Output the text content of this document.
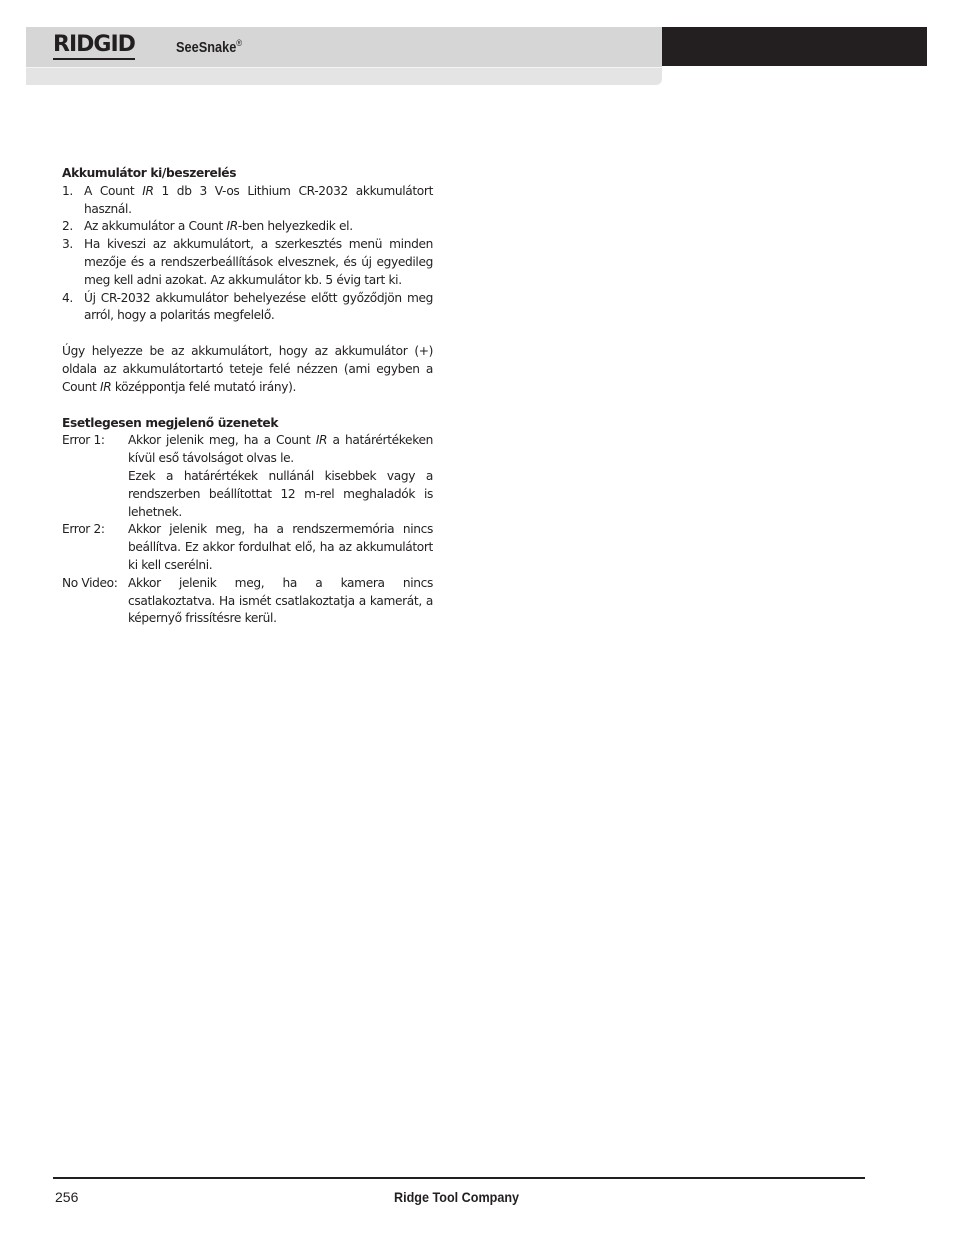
RIDGID	SeeSnake®
Akkumulátor ki/beszerelés
1. A Count IR 1 db 3 V-os Lithium CR-2032 akkumulátort használ.
2. Az akkumulátor a Count IR-ben helyezkedik el.
3. Ha kiveszi az akkumulátort, a szerkesztés menü minden mezője és a rendszerbeállítások elvesznek, és új egyedileg meg kell adni azokat. Az akkumulátor kb. 5 évig tart ki.
4. Új CR-2032 akkumulátor behelyezése előtt győződjön meg arról, hogy a polaritás megfelelő.

Úgy helyezze be az akkumulátort, hogy az akkumulátor (+) oldala az akkumulátortartó teteje felé nézzen (ami egyben a Count IR középpontja felé mutató irány).

Esetlegesen megjelenő üzenetek
Error 1:	Akkor jelenik meg, ha a Count IR a határértékeken kívül eső távolságot olvas le.
Ezek a határértékek nullánál kisebbek vagy a rendszerben beállítottat 12 m-rel meghaladók is lehetnek.
Error 2:	Akkor jelenik meg, ha a rendszermemória nincs beállítva. Ez akkor fordulhat elő, ha az akkumulátort ki kell cserélni.
No Video: Akkor jelenik meg, ha a kamera nincs csatlakoztatva. Ha ismét csatlakoztatja a kamerát, a képernyő frissítésre kerül.
256	Ridge Tool Company
